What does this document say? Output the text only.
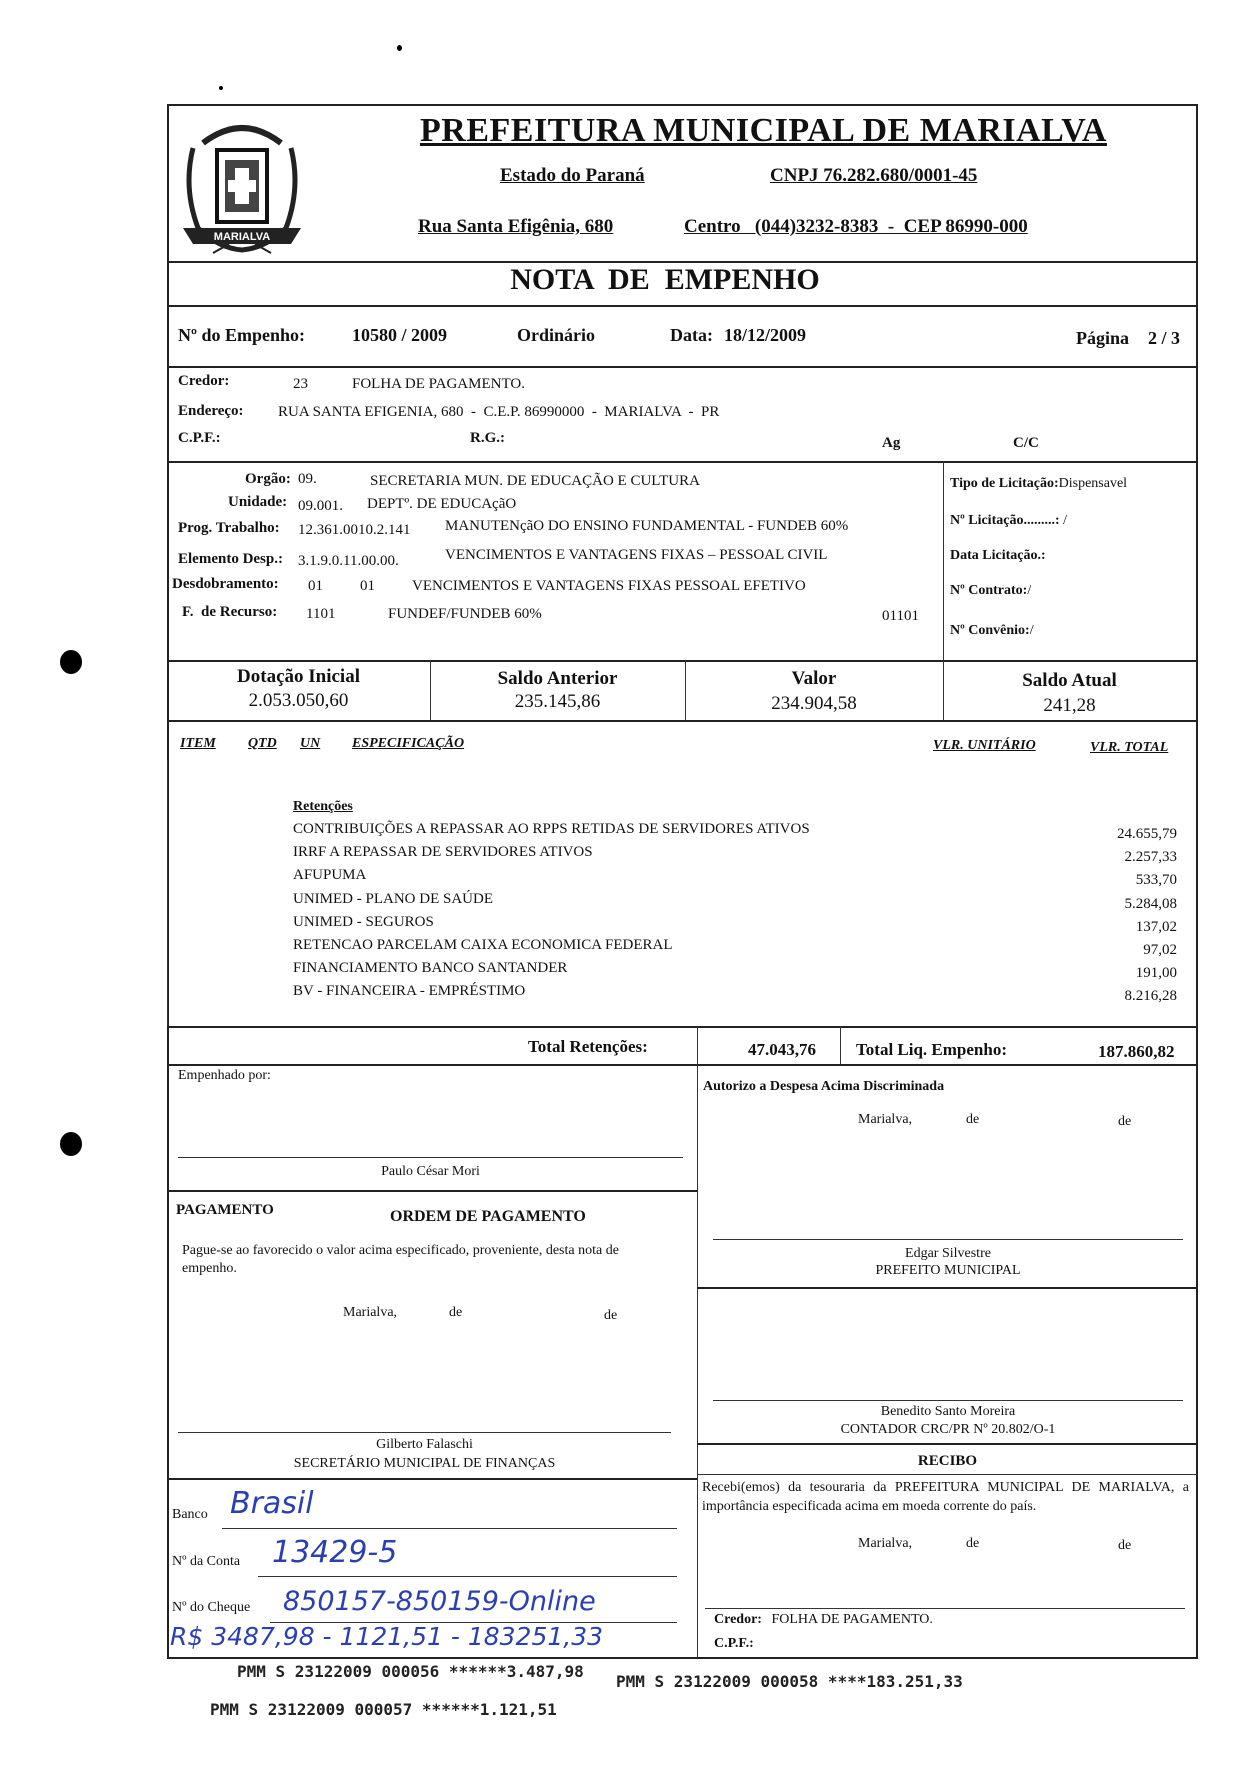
MARIALVA
PREFEITURA MUNICIPAL DE MARIALVA
Estado do Paraná	CNPJ 76.282.680/0001-45
Rua Santa Efigênia, 680	Centro   (044)3232-8383  -  CEP 86990-000
NOTA  DE  EMPENHO
Nº do Empenho:	10580 / 2009	Ordinário	Data: 18/12/2009	Página 2 / 3
Credor:	23	FOLHA DE PAGAMENTO.
Endereço: RUA SANTA EFIGENIA, 680  -  C.E.P. 86990000  -  MARIALVA  -  PR
C.P.F.:	R.G.:	Ag	C/C
Orgão: 09.	SECRETARIA MUN. DE EDUCAÇÃO E CULTURA
Unidade: 09.001. DEPTº. DE EDUCAçãO
Prog. Trabalho: 12.361.0010.2.141 MANUTENçãO DO ENSINO FUNDAMENTAL - FUNDEB 60%
Elemento Desp.: 3.1.9.0.11.00.00.	VENCIMENTOS E VANTAGENS FIXAS – PESSOAL CIVIL
Desdobramento: 01 01 VENCIMENTOS E VANTAGENS FIXAS PESSOAL EFETIVO
F.  de Recurso: 1101	FUNDEF/FUNDEB 60%	01101
Tipo de Licitação:Dispensavel
Nº Licitação.........: /
Data Licitação.:
Nº Contrato:/
Nº Convênio:/
Dotação Inicial
2.053.050,60
Saldo Anterior
235.145,86
Valor
234.904,58
Saldo Atual
241,28
ITEM QTD UN ESPECIFICAÇÃO	VLR. UNITÁRIO	VLR. TOTAL
Retenções
CONTRIBUIÇÕES A REPASSAR AO RPPS RETIDAS DE SERVIDORES ATIVOS	24.655,79
IRRF A REPASSAR DE SERVIDORES ATIVOS	2.257,33
AFUPUMA	533,70
UNIMED - PLANO DE SAÚDE	5.284,08
UNIMED - SEGUROS	137,02
RETENCAO PARCELAM CAIXA ECONOMICA FEDERAL	97,02
FINANCIAMENTO BANCO SANTANDER	191,00
BV - FINANCEIRA - EMPRÉSTIMO	8.216,28
Total Retenções:	47.043,76 Total Liq. Empenho:	187.860,82
Empenhado por:
Paulo César Mori
PAGAMENTO	ORDEM DE PAGAMENTO
Pague-se ao favorecido o valor acima especificado, proveniente, desta nota de empenho.
Marialva,	de	de
Gilberto Falaschi
SECRETÁRIO MUNICIPAL DE FINANÇAS
Banco Brasil
Nº da Conta 13429-5
Nº do Cheque 850157-850159-Online
R$ 3487,98 - 1121,51 - 183251,33
Autorizo a Despesa Acima Discriminada
Marialva,	de	de
Edgar Silvestre
PREFEITO MUNICIPAL
Benedito Santo Moreira
CONTADOR CRC/PR Nº 20.802/O-1
RECIBO
Recebi(emos) da tesouraria da PREFEITURA MUNICIPAL DE MARIALVA, a importância especificada acima em moeda corrente do país.
Marialva,	de	de
Credor: FOLHA DE PAGAMENTO.
C.P.F.:
PMM S 23122009 000056 ******3.487,98
PMM S 23122009 000058 ****183.251,33
PMM S 23122009 000057 ******1.121,51
